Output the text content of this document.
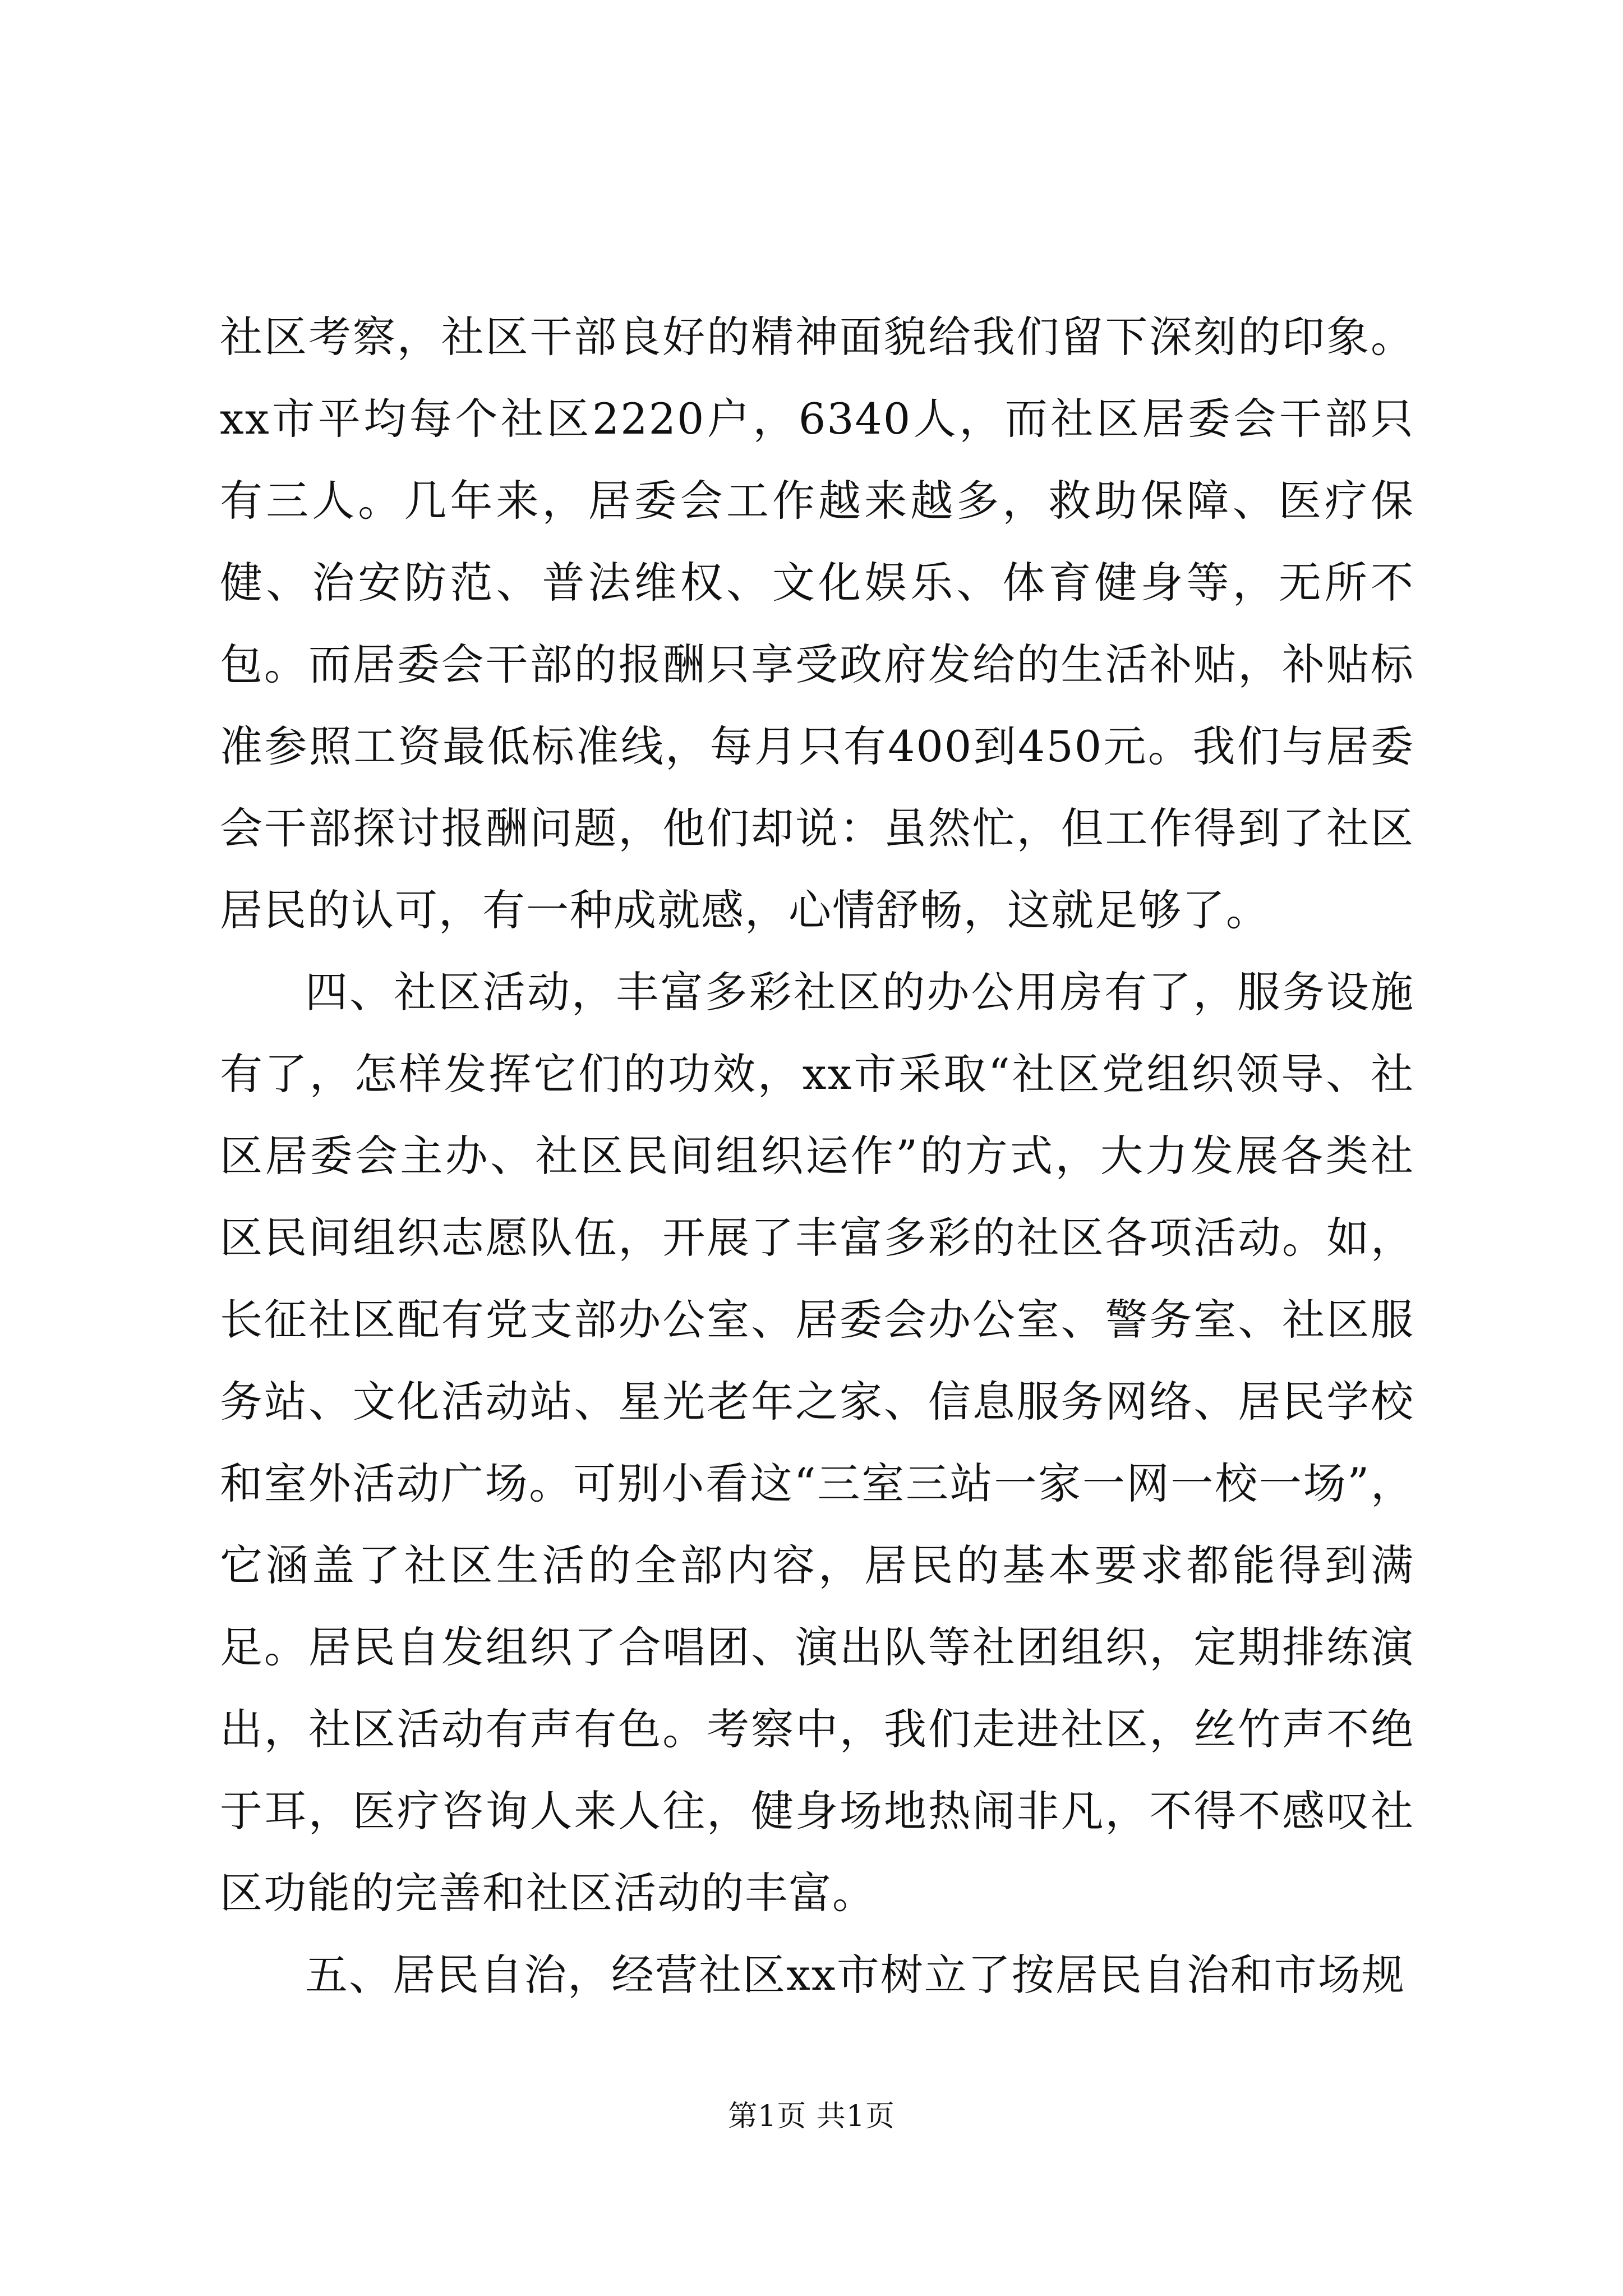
社区考察，社区干部良好的精神面貌给我们留下深刻的印象。xx市平均每个社区2220户，6340人，而社区居委会干部只有三人。几年来，居委会工作越来越多，救助保障、医疗保健、治安防范、普法维权、文化娱乐、体育健身等，无所不包。而居委会干部的报酬只享受政府发给的生活补贴，补贴标准参照工资最低标准线，每月只有400到450元。我们与居委会干部探讨报酬问题，他们却说：虽然忙，但工作得到了社区居民的认可，有一种成就感，心情舒畅，这就足够了。

四、社区活动，丰富多彩社区的办公用房有了，服务设施有了，怎样发挥它们的功效，xx市采取“社区党组织领导、社区居委会主办、社区民间组织运作”的方式，大力发展各类社区民间组织志愿队伍，开展了丰富多彩的社区各项活动。如，长征社区配有党支部办公室、居委会办公室、警务室、社区服务站、文化活动站、星光老年之家、信息服务网络、居民学校和室外活动广场。可别小看这“三室三站一家一网一校一场”，它涵盖了社区生活的全部内容，居民的基本要求都能得到满足。居民自发组织了合唱团、演出队等社团组织，定期排练演出，社区活动有声有色。考察中，我们走进社区，丝竹声不绝于耳，医疗咨询人来人往，健身场地热闹非凡，不得不感叹社区功能的完善和社区活动的丰富。

五、居民自治，经营社区xx市树立了按居民自治和市场规

第1页 共1页
